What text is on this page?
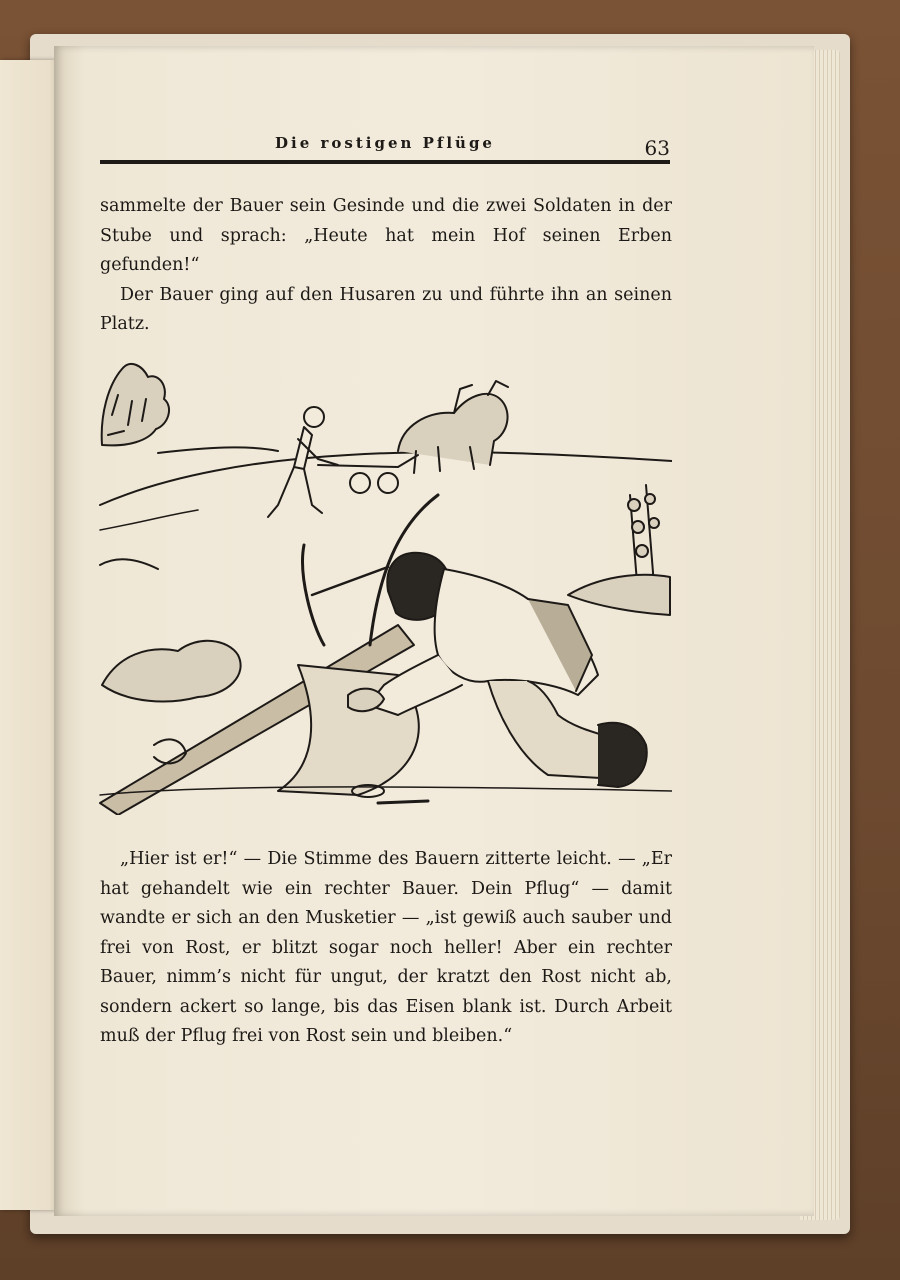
Die rostigen Pflüge	63

sammelte der Bauer sein Gesinde und die zwei Soldaten in der Stube und sprach: „Heute hat mein Hof seinen Erben gefunden!“

Der Bauer ging auf den Husaren zu und führte ihn an seinen Platz.

„Hier ist er!“ — Die Stimme des Bauern zitterte leicht. — „Er hat gehandelt wie ein rechter Bauer. Dein Pflug“ — damit wandte er sich an den Musketier — „ist gewiß auch sauber und frei von Rost, er blitzt sogar noch heller! Aber ein rechter Bauer, nimm’s nicht für ungut, der kratzt den Rost nicht ab, sondern ackert so lange, bis das Eisen blank ist. Durch Arbeit muß der Pflug frei von Rost sein und bleiben.“
